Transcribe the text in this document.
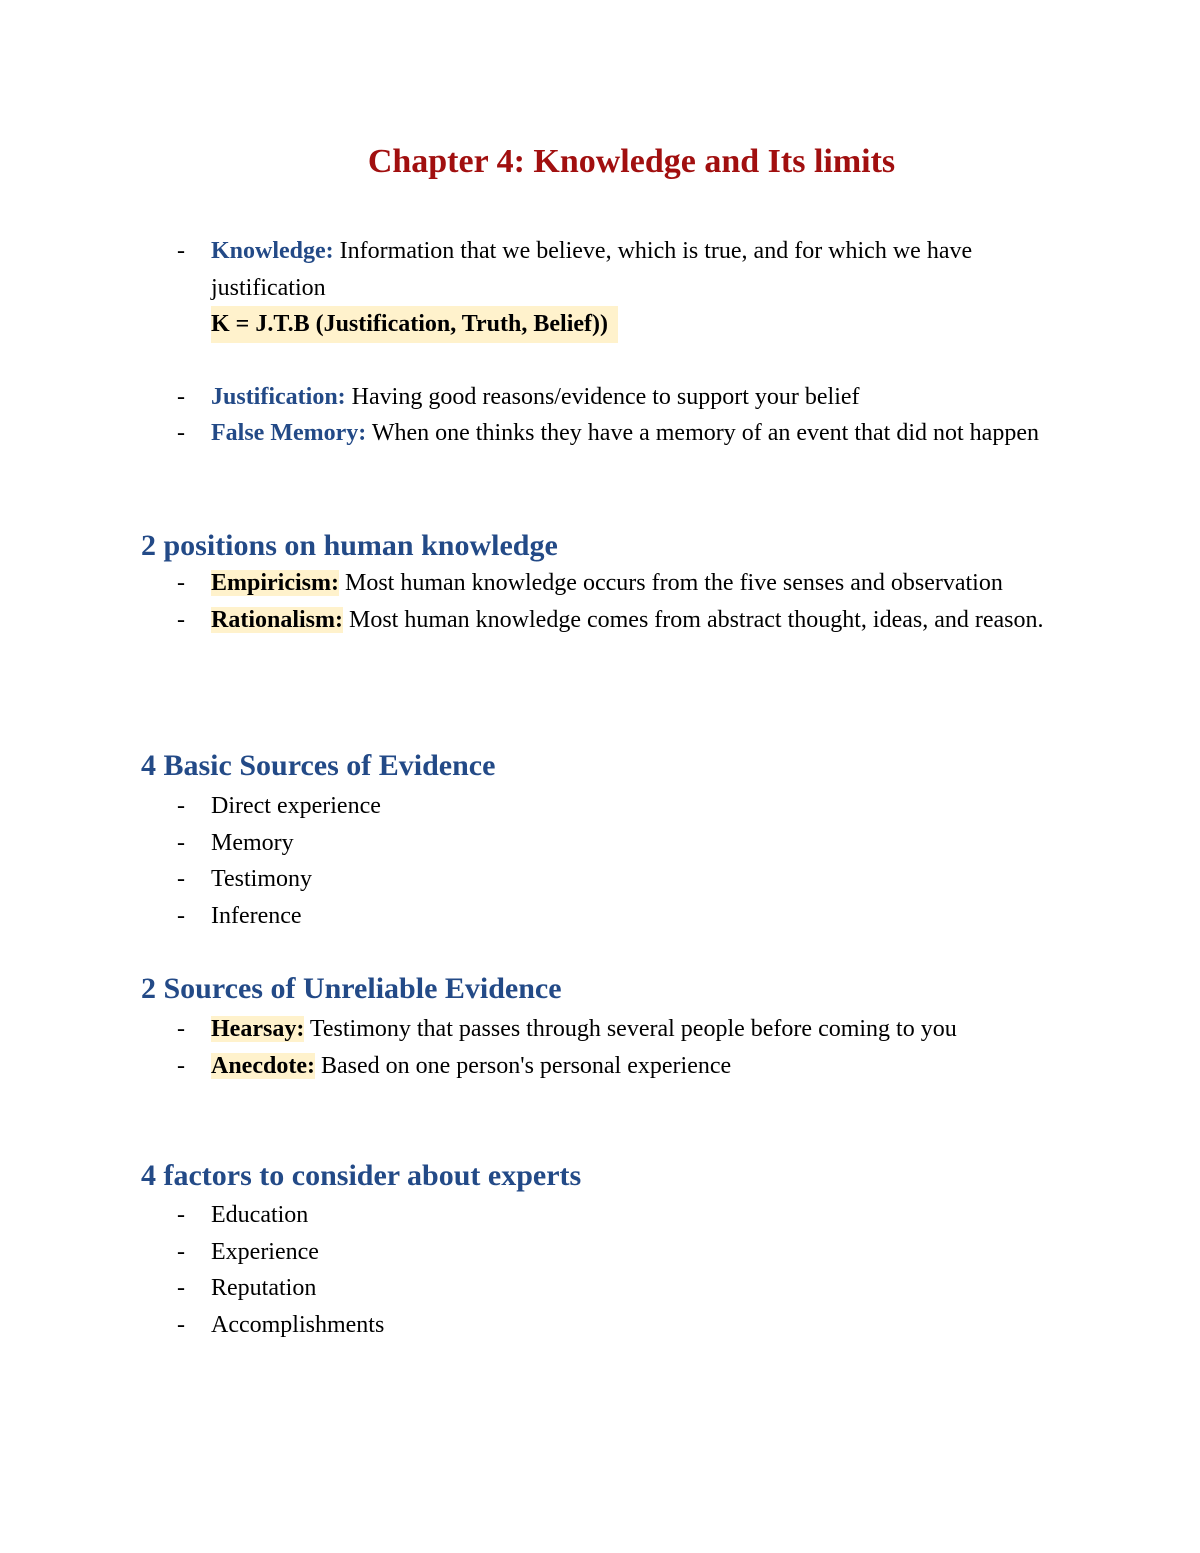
Chapter 4: Knowledge and Its limits
- Knowledge: Information that we believe, which is true, and for which we have justification
K = J.T.B (Justification, Truth, Belief))
- Justification: Having good reasons/evidence to support your belief
- False Memory: When one thinks they have a memory of an event that did not happen
2 positions on human knowledge
- Empiricism: Most human knowledge occurs from the five senses and observation
- Rationalism: Most human knowledge comes from abstract thought, ideas, and reason.
4 Basic Sources of Evidence
- Direct experience
- Memory
- Testimony
- Inference
2 Sources of Unreliable Evidence
- Hearsay: Testimony that passes through several people before coming to you
- Anecdote: Based on one person's personal experience
4 factors to consider about experts
- Education
- Experience
- Reputation
- Accomplishments
